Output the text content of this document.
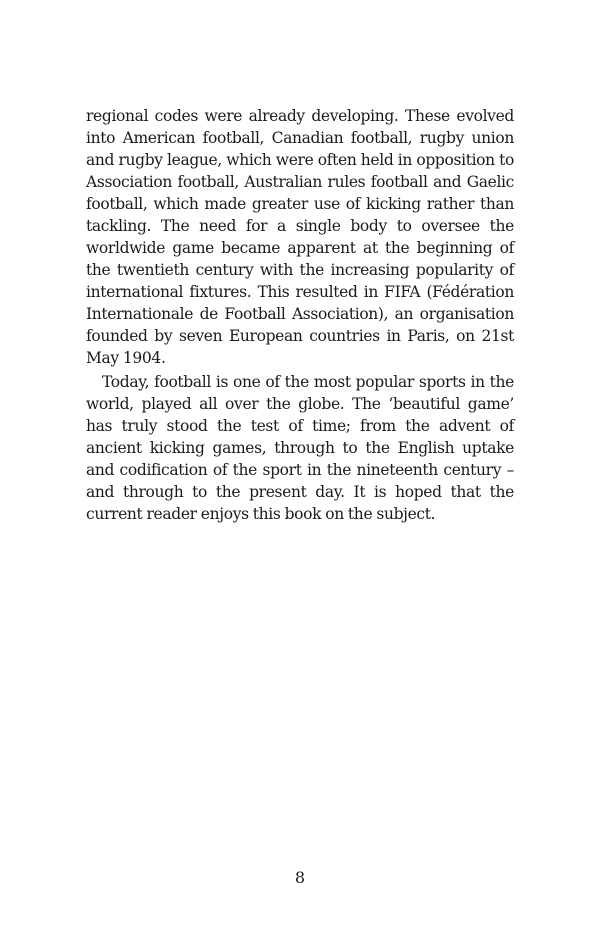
regional codes were already developing. These evolved into American football, Canadian football, rugby union and rugby league, which were often held in opposition to Association football, Australian rules football and Gaelic football, which made greater use of kicking rather than tackling. The need for a single body to oversee the worldwide game became apparent at the beginning of the twentieth century with the increasing popularity of international fixtures. This resulted in FIFA (Fédération Internationale de Football Association), an organisation founded by seven European countries in Paris, on 21st May 1904.

Today, football is one of the most popular sports in the world, played all over the globe. The ‘beautiful game’ has truly stood the test of time; from the advent of ancient kicking games, through to the English uptake and codification of the sport in the nineteenth century – and through to the present day. It is hoped that the current reader enjoys this book on the subject.

8
